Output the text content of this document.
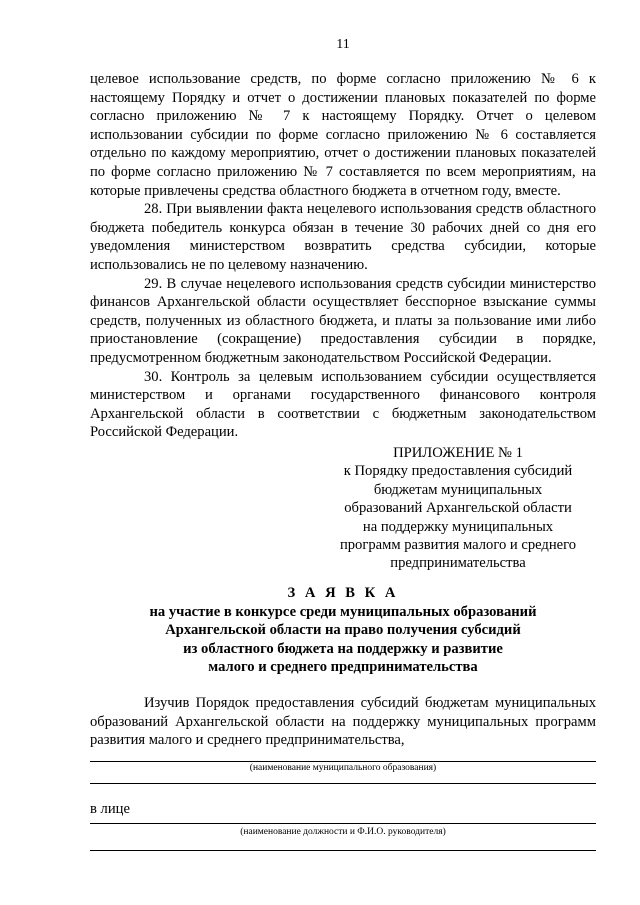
11

целевое использование средств, по форме согласно приложению № 6 к настоящему Порядку и отчет о достижении плановых показателей по форме согласно приложению № 7 к настоящему Порядку. Отчет о целевом использовании субсидии по форме согласно приложению № 6 составляется отдельно по каждому мероприятию, отчет о достижении плановых показателей по форме согласно приложению № 7 составляется по всем мероприятиям, на которые привлечены средства областного бюджета в отчетном году, вместе.

28. При выявлении факта нецелевого использования средств областного бюджета победитель конкурса обязан в течение 30 рабочих дней со дня его уведомления министерством возвратить средства субсидии, которые использовались не по целевому назначению.

29. В случае нецелевого использования средств субсидии министерство финансов Архангельской области осуществляет бесспорное взыскание суммы средств, полученных из областного бюджета, и платы за пользование ими либо приостановление (сокращение) предоставления субсидии в порядке, предусмотренном бюджетным законодательством Российской Федерации.

30. Контроль за целевым использованием субсидии осуществляется министерством и органами государственного финансового контроля Архангельской области в соответствии с бюджетным законодательством Российской Федерации.

ПРИЛОЖЕНИЕ № 1
к Порядку предоставления субсидий
бюджетам муниципальных
образований Архангельской области
на поддержку муниципальных
программ развития малого и среднего
предпринимательства
З А Я В К А
на участие в конкурсе среди муниципальных образований
Архангельской области на право получения субсидий
из областного бюджета на поддержку и развитие
малого и среднего предпринимательства

Изучив Порядок предоставления субсидий бюджетам муниципальных образований Архангельской области на поддержку муниципальных программ развития малого и среднего предпринимательства,

(наименование муниципального образования)
в лице
(наименование должности и Ф.И.О. руководителя)
